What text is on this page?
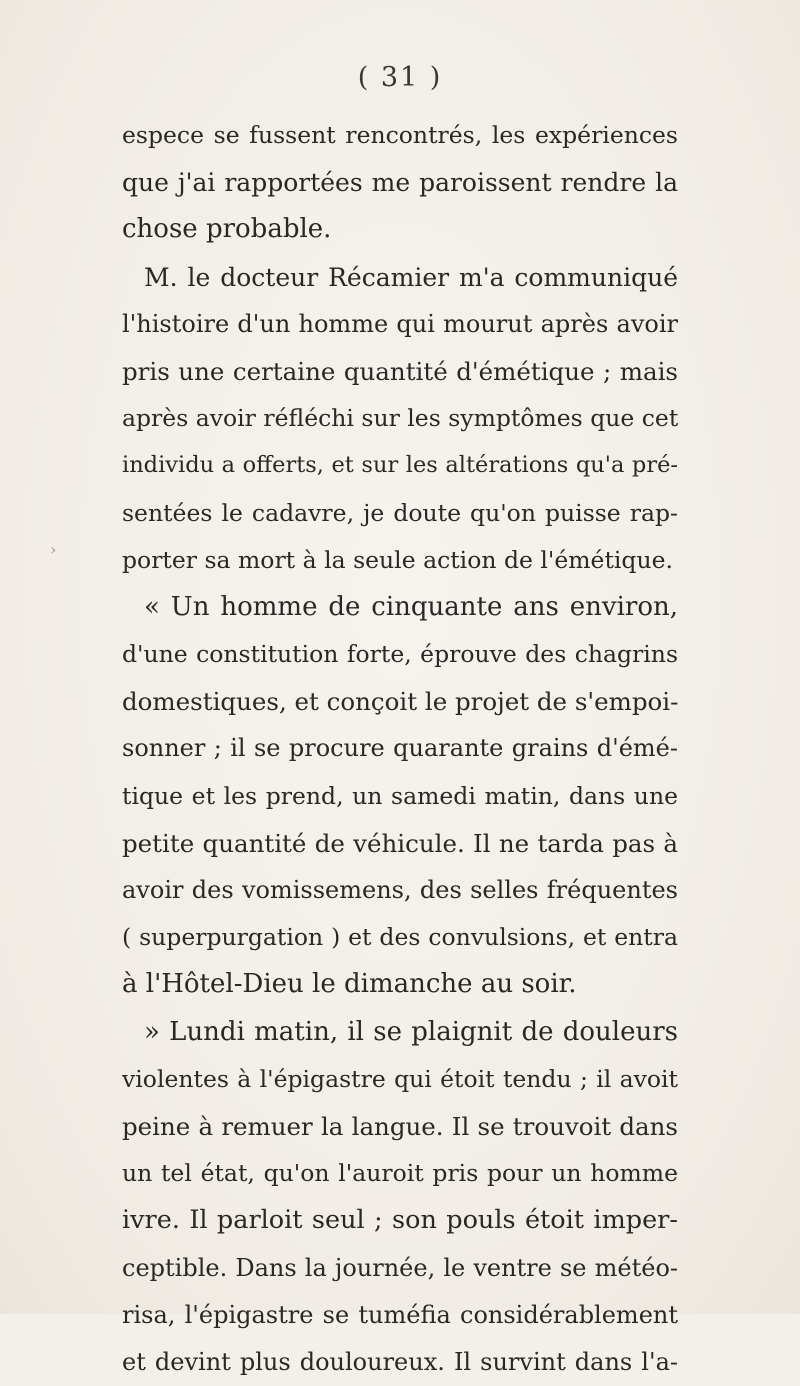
( 31 )
›
espece se fussent rencontrés, les expériences
que j'ai rapportées me paroissent rendre la
chose probable.
M. le docteur Récamier m'a communiqué
l'histoire d'un homme qui mourut après avoir
pris une certaine quantité d'émétique ; mais
après avoir réfléchi sur les symptômes que cet
individu a offerts, et sur les altérations qu'a pré-
sentées le cadavre, je doute qu'on puisse rap-
porter sa mort à la seule action de l'émétique.
« Un homme de cinquante ans environ,
d'une constitution forte, éprouve des chagrins
domestiques, et conçoit le projet de s'empoi-
sonner ; il se procure quarante grains d'émé-
tique et les prend, un samedi matin, dans une
petite quantité de véhicule. Il ne tarda pas à
avoir des vomissemens, des selles fréquentes
( superpurgation ) et des convulsions, et entra
à l'Hôtel-Dieu le dimanche au soir.
» Lundi matin, il se plaignit de douleurs
violentes à l'épigastre qui étoit tendu ; il avoit
peine à remuer la langue. Il se trouvoit dans
un tel état, qu'on l'auroit pris pour un homme
ivre. Il parloit seul ; son pouls étoit imper-
ceptible. Dans la journée, le ventre se météo-
risa, l'épigastre se tuméfia considérablement
et devint plus douloureux. Il survint dans l'a-
